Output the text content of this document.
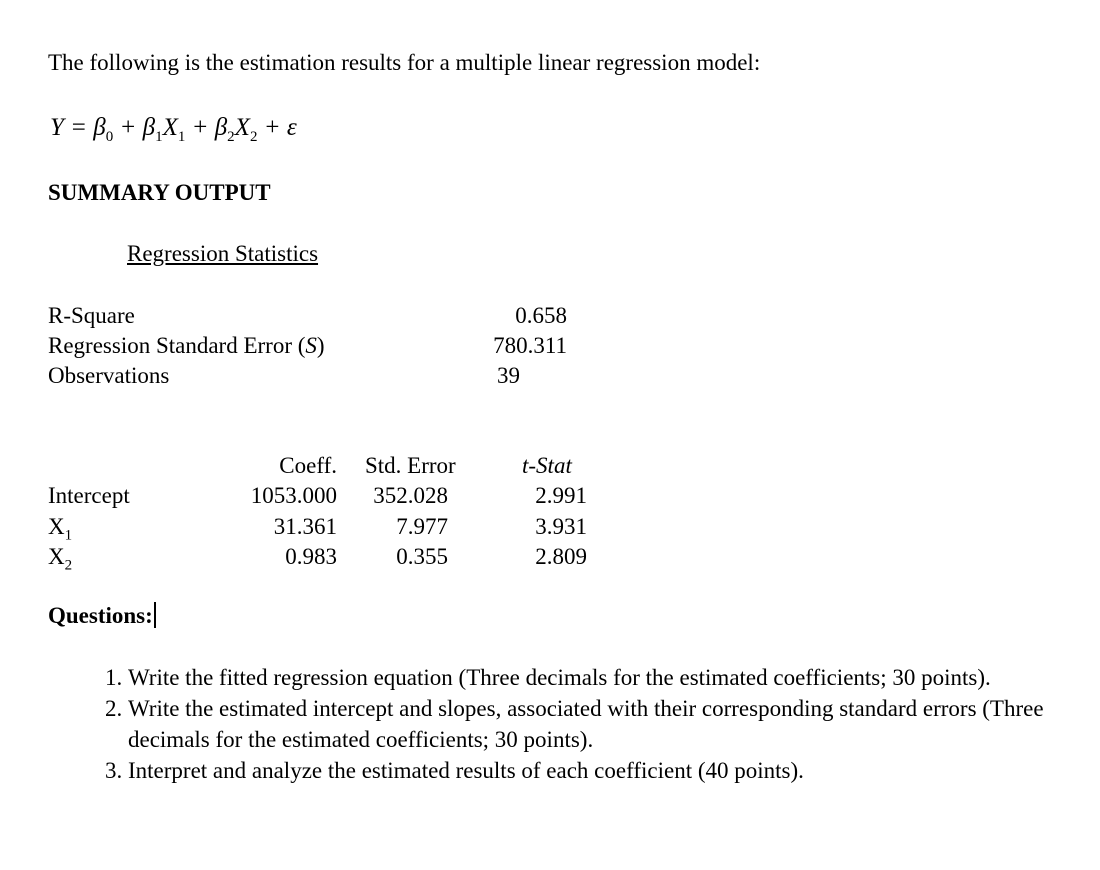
The following is the estimation results for a multiple linear regression model:
$Y = \beta_0 + \beta_1X_1 + \beta_2X_2 + \varepsilon$
SUMMARY OUTPUT
Regression Statistics
R-Square
Regression Standard Error (S)
Observations
0.658
780.311
39
Coeff. Std. Error	t-Stat
Intercept
$X_1$
$X_2$
1053.000
31.361
0.983
352.028
7.977
0.355
2.991
3.931
2.809
Questions:
1. Write the fitted regression equation (Three decimals for the estimated coefficients; 30 points).
2. Write the estimated intercept and slopes, associated with their corresponding standard errors (Three decimals for the estimated coefficients; 30 points).
3. Interpret and analyze the estimated results of each coefficient (40 points).
